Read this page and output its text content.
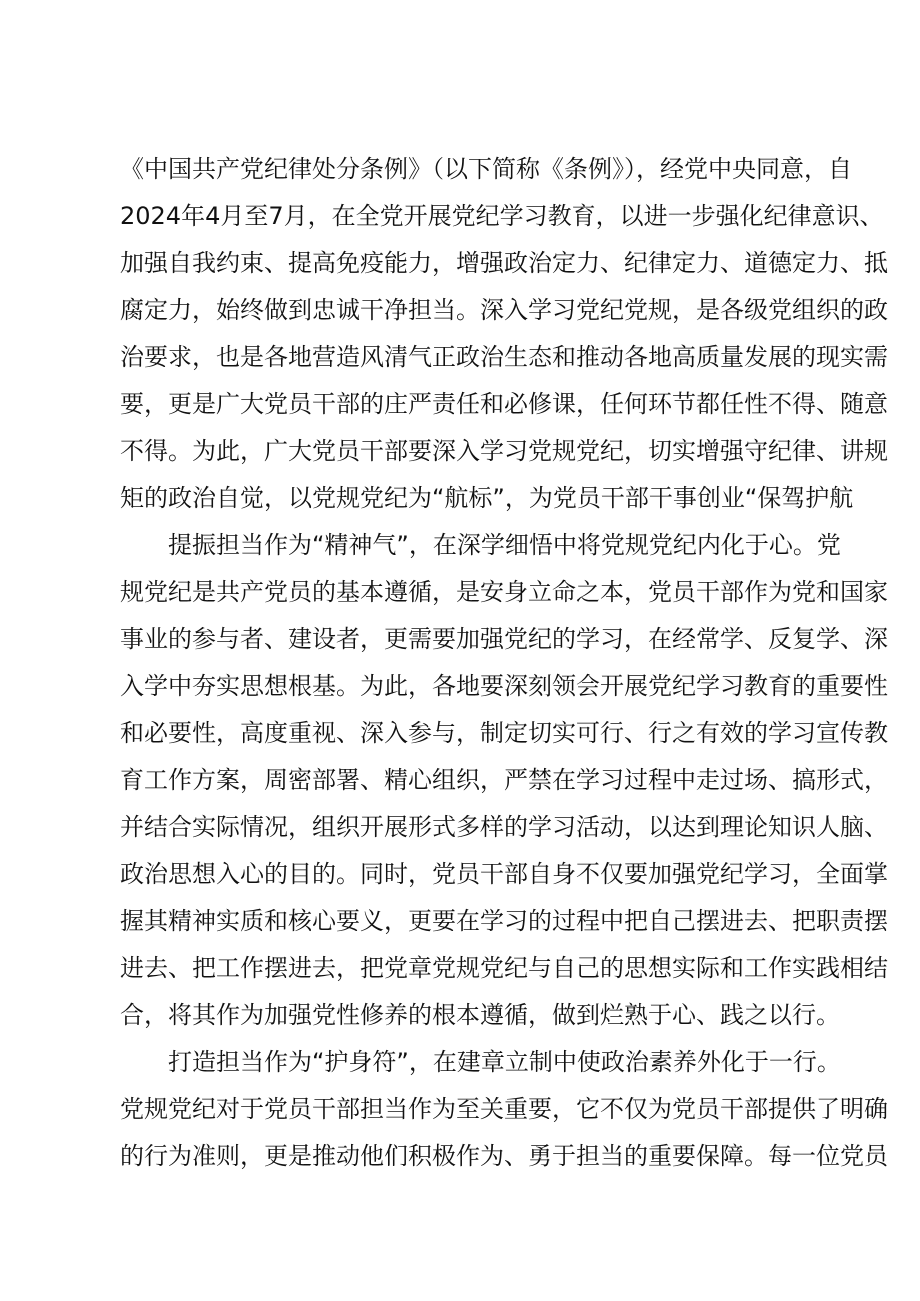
《中国共产党纪律处分条例》（以下简称《条例》），经党中央同意，自
2024年4月至7月，在全党开展党纪学习教育，以进一步强化纪律意识、
加强自我约束、提高免疫能力，增强政治定力、纪律定力、道德定力、抵
腐定力，始终做到忠诚干净担当。深入学习党纪党规，是各级党组织的政
治要求，也是各地营造风清气正政治生态和推动各地高质量发展的现实需
要，更是广大党员干部的庄严责任和必修课，任何环节都任性不得、随意
不得。为此，广大党员干部要深入学习党规党纪，切实增强守纪律、讲规
矩的政治自觉，以党规党纪为“航标”，为党员干部干事创业“保驾护航
提振担当作为“精神气”，在深学细悟中将党规党纪内化于心。党
规党纪是共产党员的基本遵循，是安身立命之本，党员干部作为党和国家
事业的参与者、建设者，更需要加强党纪的学习，在经常学、反复学、深
入学中夯实思想根基。为此，各地要深刻领会开展党纪学习教育的重要性
和必要性，高度重视、深入参与，制定切实可行、行之有效的学习宣传教
育工作方案，周密部署、精心组织，严禁在学习过程中走过场、搞形式，
并结合实际情况，组织开展形式多样的学习活动，以达到理论知识人脑、
政治思想入心的目的。同时，党员干部自身不仅要加强党纪学习，全面掌
握其精神实质和核心要义，更要在学习的过程中把自己摆进去、把职责摆
进去、把工作摆进去，把党章党规党纪与自己的思想实际和工作实践相结
合，将其作为加强党性修养的根本遵循，做到烂熟于心、践之以行。
打造担当作为“护身符”，在建章立制中使政治素养外化于一行。
党规党纪对于党员干部担当作为至关重要，它不仅为党员干部提供了明确
的行为准则，更是推动他们积极作为、勇于担当的重要保障。每一位党员
